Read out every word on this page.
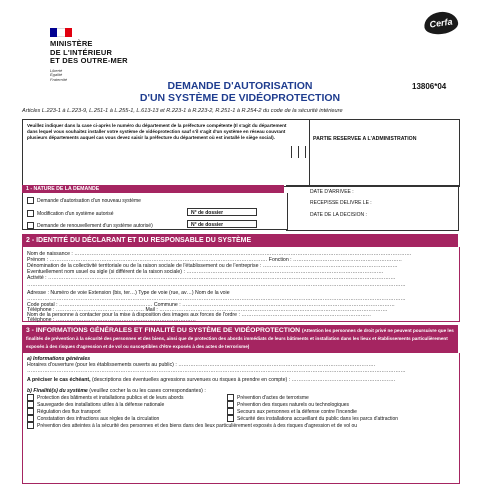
MINISTÈRE
DE L'INTÉRIEUR
ET DES OUTRE-MER
Liberté
Égalité
Fraternité
Cerfa
DEMANDE D'AUTORISATION
D'UN SYSTÈME DE VIDÉOPROTECTION
13806*04
Articles L.223-1 à L.223-9, L.251-1 à L.255-1, L.613-13 et R.223-1 à R.223-2, R.251-1 à R.254-2 du code de la sécurité intérieure
Veuillez indiquer dans la case ci-après le numéro du département de la préfecture compétente (Il s'agit du département dans lequel vous souhaitez installer votre système de vidéoprotection sauf s'il s'agit d'un système en réseau couvrant plusieurs départements auquel cas vous devez saisir la préfecture du département où est installé le siège social).	PARTIE RESERVEE A L'ADMINISTRATION
1 - NATURE DE LA DEMANDE
Demande d'autorisation d'un nouveau système
Modification d'un système autorisé	N° de dossier
Demande de renouvellement d'un système autorisé)	N° de dossier
DATE D'ARRIVEE :
RECEPISSE DELIVRE LE :
DATE DE LA DECISION :
2 - IDENTITÉ DU DÉCLARANT ET DU RESPONSABLE DU SYSTÈME
Nom de naissance : ……………………………………………………………………………………………………………………………………………………………………………
Prénom : ……………………………………………………………………………………………………………… Fonction : ………………………………………………………
Dénomination de la collectivité territoriale ou de la raison sociale de l'établissement ou de l'entreprise : ……………………………………………………………………
Eventuellement nom usuel ou sigle (si différent de la raison sociale) : ……………………………………………………………………………………………………
Activité : …………………………………………………………………………………………………………………………………………………………………………………
…………………………………………………………………………………………………………………………………………………………………………………………………
Adresse : Numéro de voie Extension (bis, ter…) Type de voie (rue, av…) Nom de la voie
…………………………………………………………………………………………………………………………………………………………………………………………………
Code postal : ……………………………………………… Commune : ……………………………………………………………………………………………………………
Téléphone : …………………………………………… Mail : ……………………………………………………………………………………………………………………
Nom de la personne à contacter pour la mise à disposition des images aux forces de l'ordre : …………………………………………………………………
Téléphone : ………………………………………………………………………
3 - INFORMATIONS GÉNÉRALES ET FINALITÉ DU SYSTÈME DE VIDÉOPROTECTION (Attention les personnes de droit privé ne peuvent poursuivre que les finalités de prévention à la sécurité des personnes et des biens, ainsi que de protection des abords immédiats de leurs bâtiments et installation dans les lieux et établissements particulièrement exposés à des risques d'agression et de vol ou susceptibles d'être exposés à des actes de terrorisme)
a) Informations générales
Horaires d'ouverture (pour les établissements ouverts au public) : ……………………………………………………………………………………………………
…………………………………………………………………………………………………………………………………………………………………………………………………
A préciser le cas échéant, (descriptions des éventuelles agressions survenues ou risques à prendre en compte) : ……………………………………………………
b) Finalité(s) du système (veuillez cocher la ou les cases correspondantes) :
Protection des bâtiments et installations publics et de leurs abords	Prévention d'actes de terrorisme
Sauvegarde des installations utiles à la défense nationale	Prévention des risques naturels ou technologiques
Régulation des flux transport	Secours aux personnes et la défense contre l'incendie
Constatation des infractions aux règles de la circulation	Sécurité des installations accueillant du public dans les parcs d'attraction
Prévention des atteintes à la sécurité des personnes et des biens dans des lieux particulièrement exposés à des risques d'agression et de vol ou
